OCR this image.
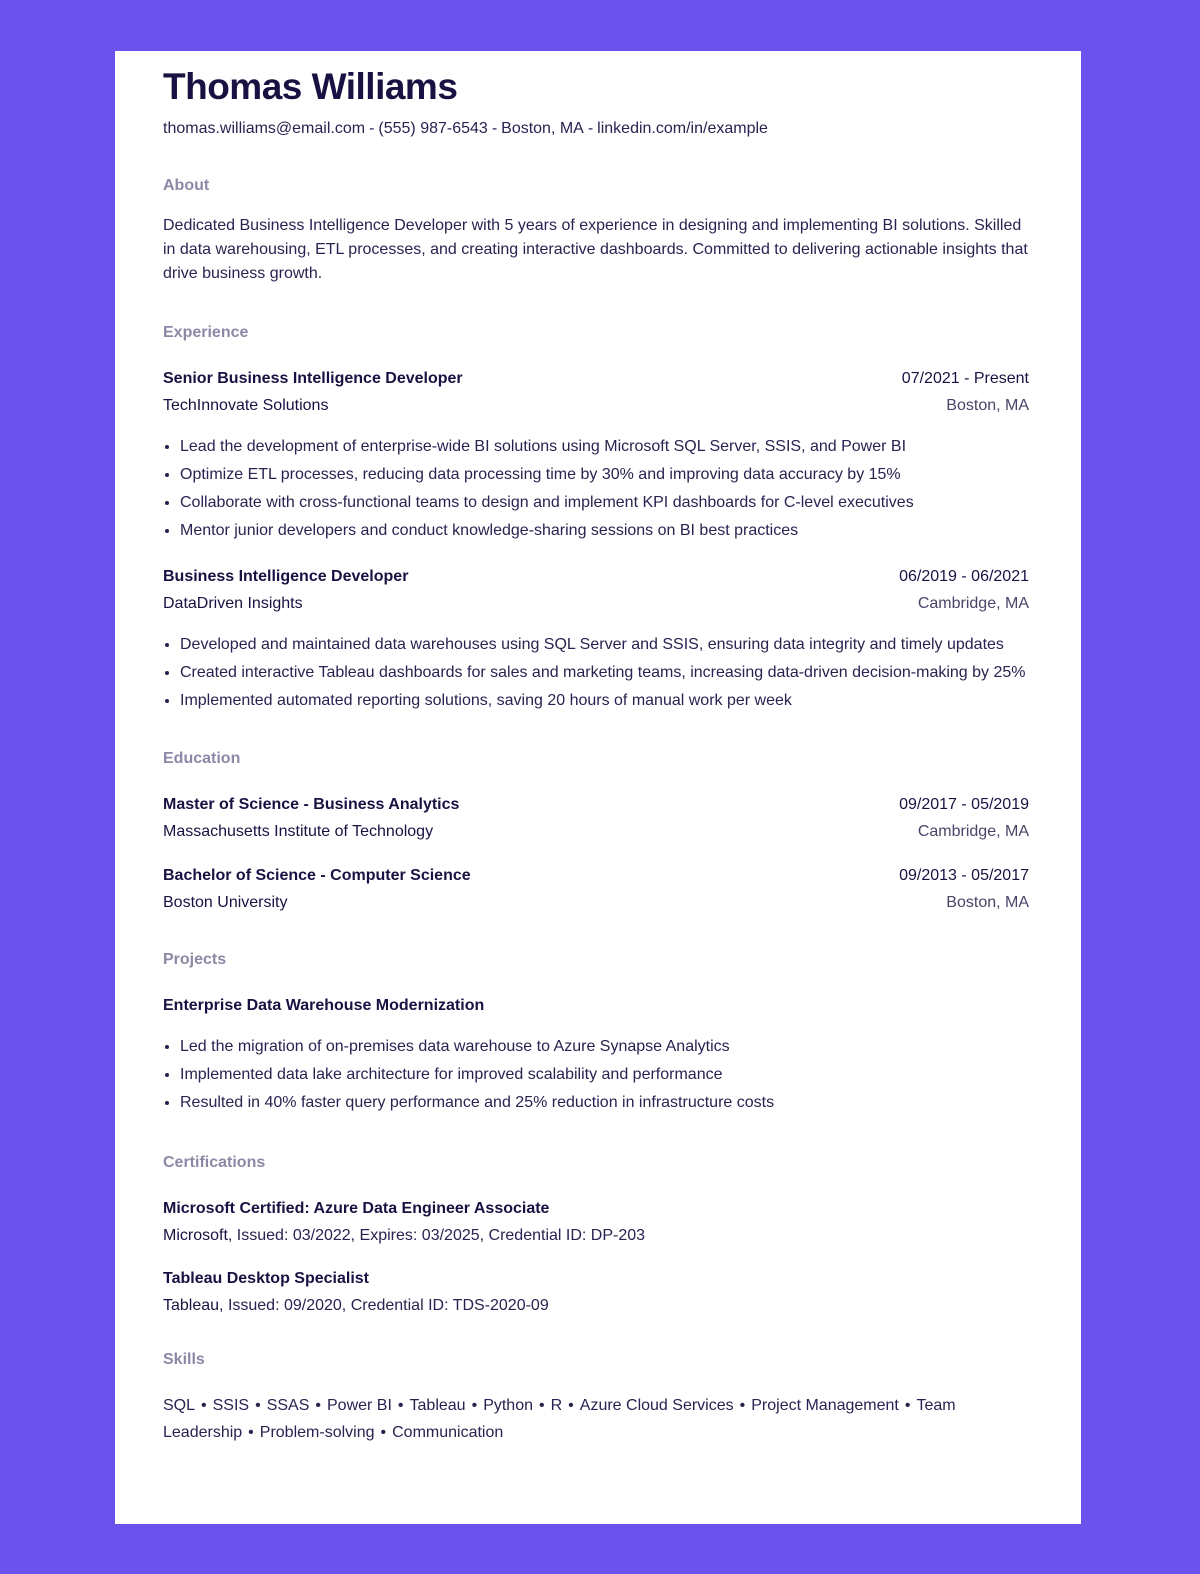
Thomas Williams
thomas.williams@email.com - (555) 987-6543 - Boston, MA - linkedin.com/in/example
About

Dedicated Business Intelligence Developer with 5 years of experience in designing and implementing BI solutions. Skilled in data warehousing, ETL processes, and creating interactive dashboards. Committed to delivering actionable insights that drive business growth.

Experience
Senior Business Intelligence Developer	07/2021 - Present
TechInnovate Solutions	Boston, MA
• Lead the development of enterprise-wide BI solutions using Microsoft SQL Server, SSIS, and Power BI
• Optimize ETL processes, reducing data processing time by 30% and improving data accuracy by 15%
• Collaborate with cross-functional teams to design and implement KPI dashboards for C-level executives
• Mentor junior developers and conduct knowledge-sharing sessions on BI best practices
Business Intelligence Developer	06/2019 - 06/2021
DataDriven Insights	Cambridge, MA
• Developed and maintained data warehouses using SQL Server and SSIS, ensuring data integrity and timely updates
• Created interactive Tableau dashboards for sales and marketing teams, increasing data-driven decision-making by 25%
• Implemented automated reporting solutions, saving 20 hours of manual work per week
Education
Master of Science - Business Analytics	09/2017 - 05/2019
Massachusetts Institute of Technology	Cambridge, MA
Bachelor of Science - Computer Science	09/2013 - 05/2017
Boston University	Boston, MA
Projects
Enterprise Data Warehouse Modernization
• Led the migration of on-premises data warehouse to Azure Synapse Analytics
• Implemented data lake architecture for improved scalability and performance
• Resulted in 40% faster query performance and 25% reduction in infrastructure costs
Certifications
Microsoft Certified: Azure Data Engineer Associate
Microsoft, Issued: 03/2022, Expires: 03/2025, Credential ID: DP-203
Tableau Desktop Specialist
Tableau, Issued: 09/2020, Credential ID: TDS-2020-09
Skills
SQL • SSIS • SSAS • Power BI • Tableau • Python • R • Azure Cloud Services • Project Management • Team Leadership • Problem-solving • Communication
